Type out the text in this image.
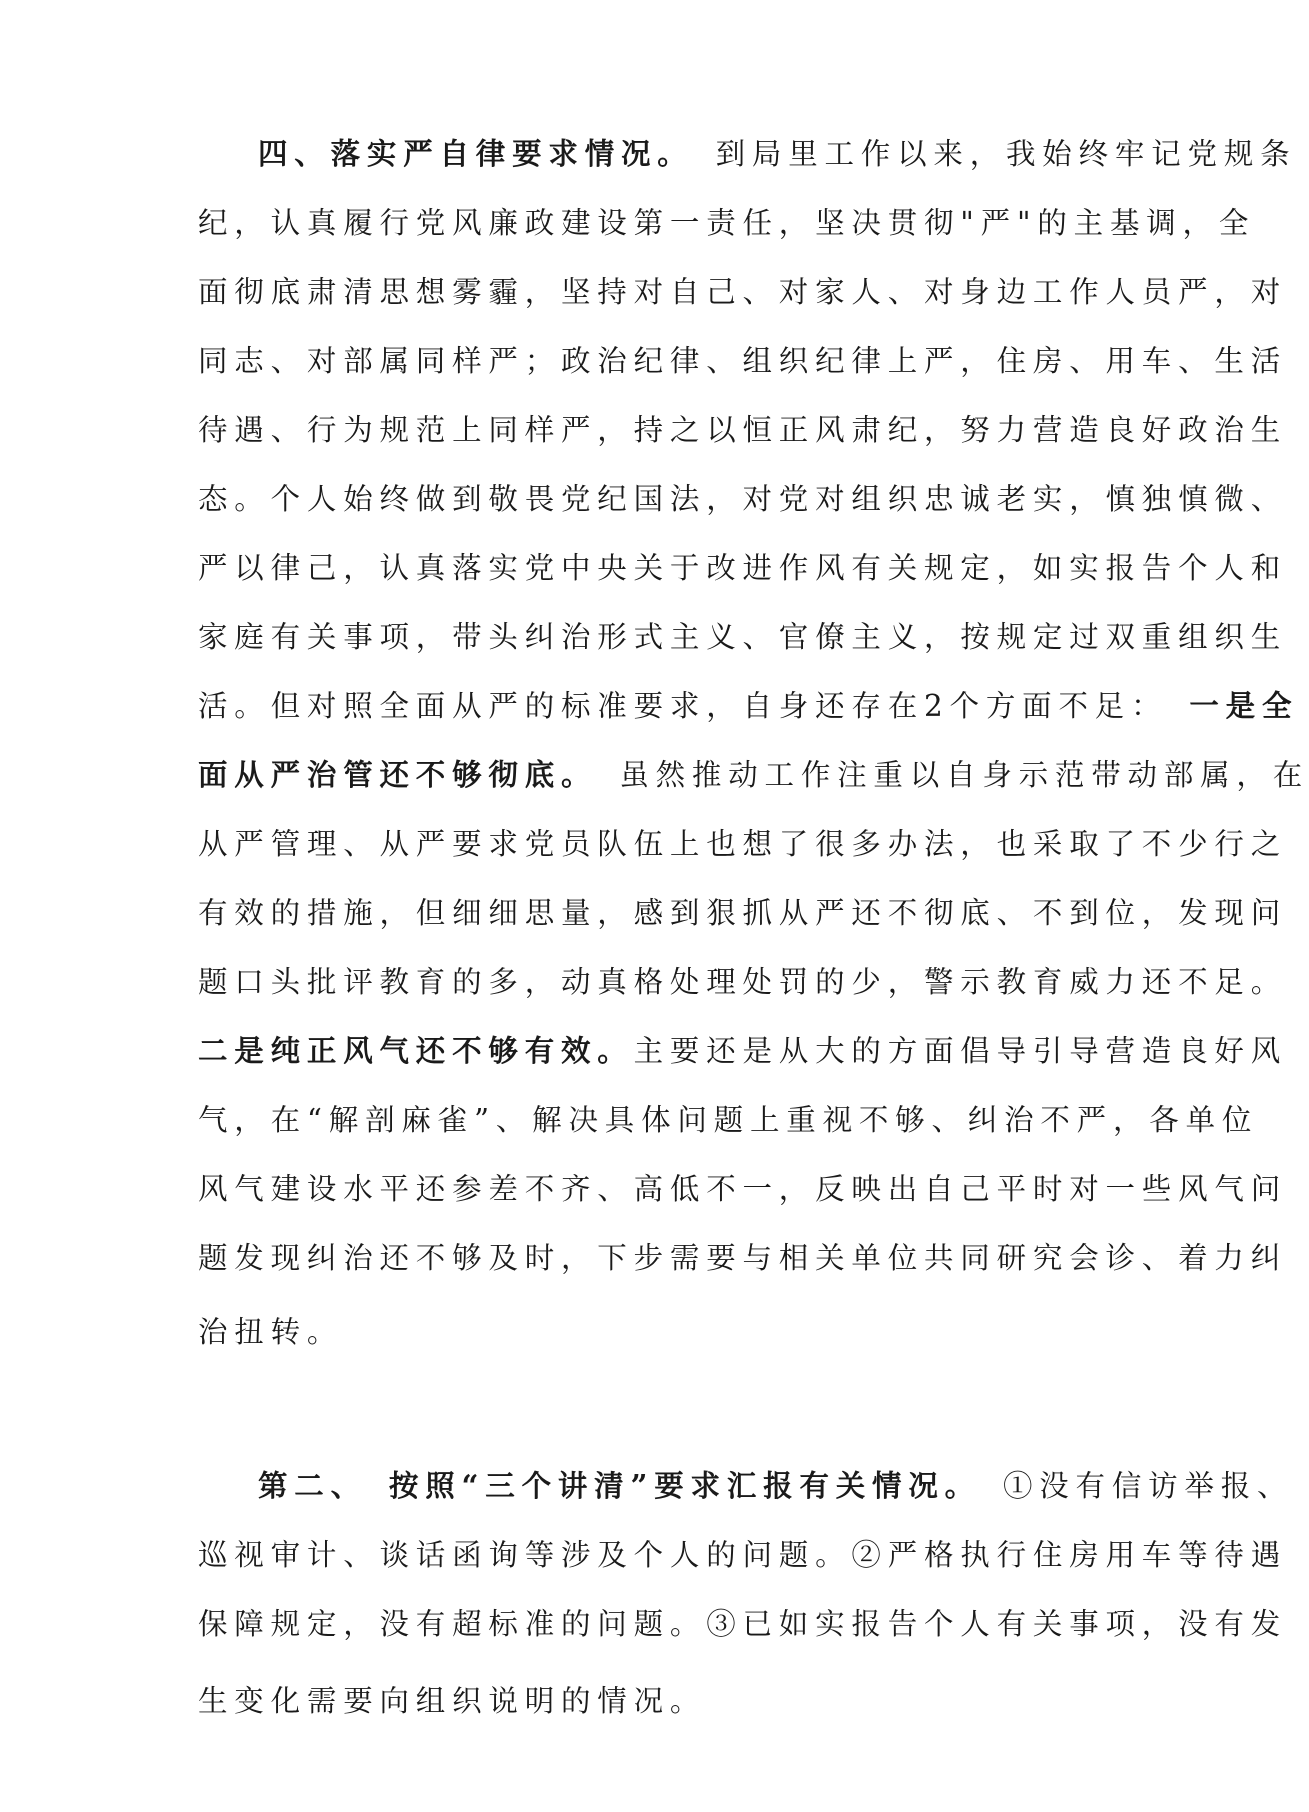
四、落实严自律要求情况。 到局里工作以来，我始终牢记党规条
纪，认真履行党风廉政建设第一责任，坚决贯彻"严"的主基调，全
面彻底肃清思想雾霾，坚持对自己、对家人、对身边工作人员严，对
同志、对部属同样严；政治纪律、组织纪律上严，住房、用车、生活
待遇、行为规范上同样严，持之以恒正风肃纪，努力营造良好政治生
态。个人始终做到敬畏党纪国法，对党对组织忠诚老实，慎独慎微、
严以律己，认真落实党中央关于改进作风有关规定，如实报告个人和
家庭有关事项，带头纠治形式主义、官僚主义，按规定过双重组织生
活。但对照全面从严的标准要求，自身还存在2个方面不足： 一是全
面从严治管还不够彻底。 虽然推动工作注重以自身示范带动部属，在
从严管理、从严要求党员队伍上也想了很多办法，也采取了不少行之
有效的措施，但细细思量，感到狠抓从严还不彻底、不到位，发现问
题口头批评教育的多，动真格处理处罚的少，警示教育威力还不足。
二是纯正风气还不够有效。主要还是从大的方面倡导引导营造良好风
气，在“解剖麻雀”、解决具体问题上重视不够、纠治不严，各单位
风气建设水平还参差不齐、高低不一，反映出自己平时对一些风气问
题发现纠治还不够及时，下步需要与相关单位共同研究会诊、着力纠
治扭转。
第二、 按照“三个讲清”要求汇报有关情况。 ①没有信访举报、
巡视审计、谈话函询等涉及个人的问题。②严格执行住房用车等待遇
保障规定，没有超标准的问题。③已如实报告个人有关事项，没有发
生变化需要向组织说明的情况。
